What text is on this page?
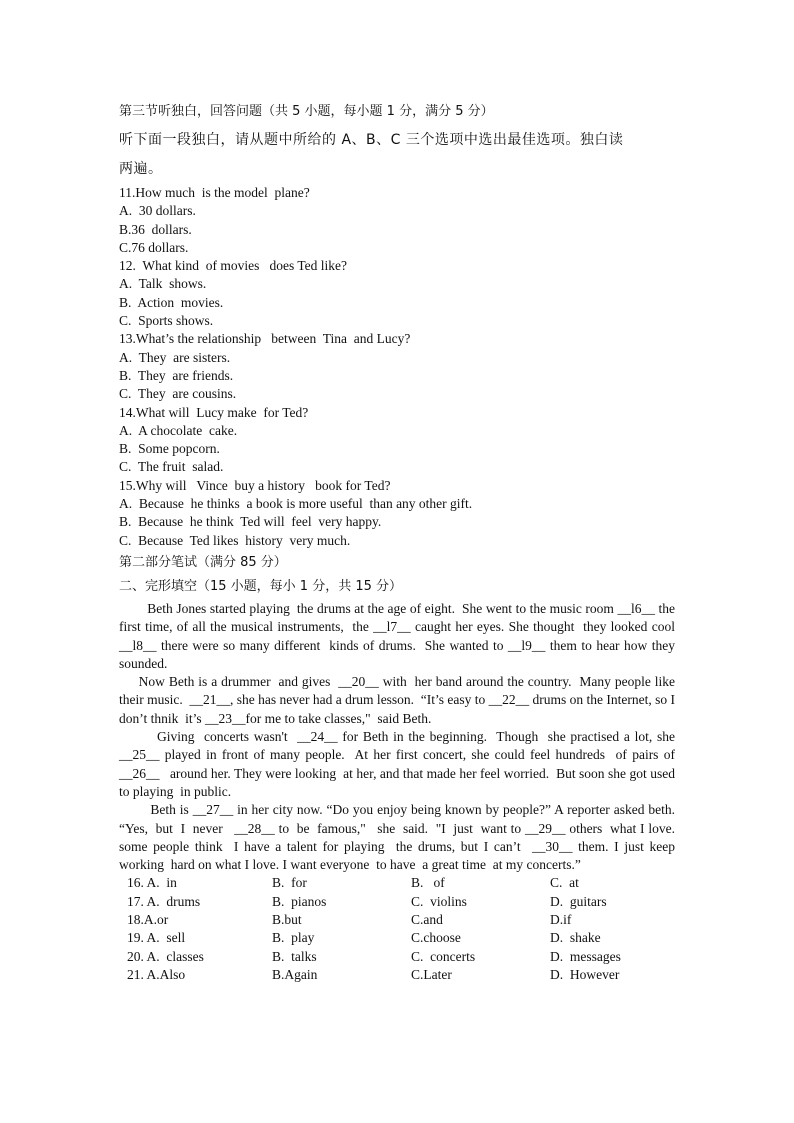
第三节听独白，回答问题（共 5 小题，每小题 1 分，满分 5 分）

听下面一段独白，请从题中所给的 A、B、C 三个选项中选出最佳选项。独白读

两遍。

11.How much  is the model  plane?

A.  30 dollars.

B.36  dollars.

C.76 dollars.

12.  What kind  of movies   does Ted like?

A.  Talk  shows.

B.  Action  movies.

C.  Sports shows.

13.What’s the relationship   between  Tina  and Lucy?

A.  They  are sisters.

B.  They  are friends.

C.  They  are cousins.

14.What will  Lucy make  for Ted?

A.  A chocolate  cake.

B.  Some popcorn.

C.  The fruit  salad.

15.Why will   Vince  buy a history   book for Ted?

A.  Because  he thinks  a book is more useful  than any other gift.

B.  Because  he think  Ted will  feel  very happy.

C.  Because  Ted likes  history  very much.

第二部分笔试（满分 85 分）

二、完形填空（15 小题，每小 1 分，共 15 分）

Beth Jones started playing  the drums at the age of eight.  She went to the music room __l6__ the first time, of all the musical instruments,  the __l7__ caught her eyes. She thought  they looked cool  __l8__ there were so many different  kinds of drums.  She wanted to __l9__ them to hear how they sounded.

Now Beth is a drummer  and gives  __20__ with  her band around the country.  Many people like their music.  __21__, she has never had a drum lesson.  “It’s easy to __22__ drums on the Internet, so I don’t thnik  it’s __23__for me to take classes,"  said Beth.

Giving  concerts wasn't  __24__ for Beth in the beginning.  Though  she practised a lot, she __25__ played in front of many people.  At her first concert, she could feel hundreds  of pairs of __26__   around her. They were looking  at her, and that made her feel worried.  But soon she got used to playing  in public.

Beth is __27__ in her city now. “Do you enjoy being known by people?” A reporter asked beth.  “Yes,  but  I  never   __28__ to  be  famous,"   she  said.  "I  just  want to __29__ others  what I love.  some people think  I have a talent for playing  the drums, but I can’t  __30__ them. I just keep working  hard on what I love. I want everyone  to have  a great time  at my concerts.”

16. A.  in	B.  for	B.   of	C.  at
17. A.  drums	B.  pianos	C.  violins	D.  guitars
18.A.or	B.but	C.and	D.if
19. A.  sell	B.  play	C.choose	D.  shake
20. A.  classes	B.  talks	C.  concerts	D.  messages
21. A.Also	B.Again	C.Later	D.  However
